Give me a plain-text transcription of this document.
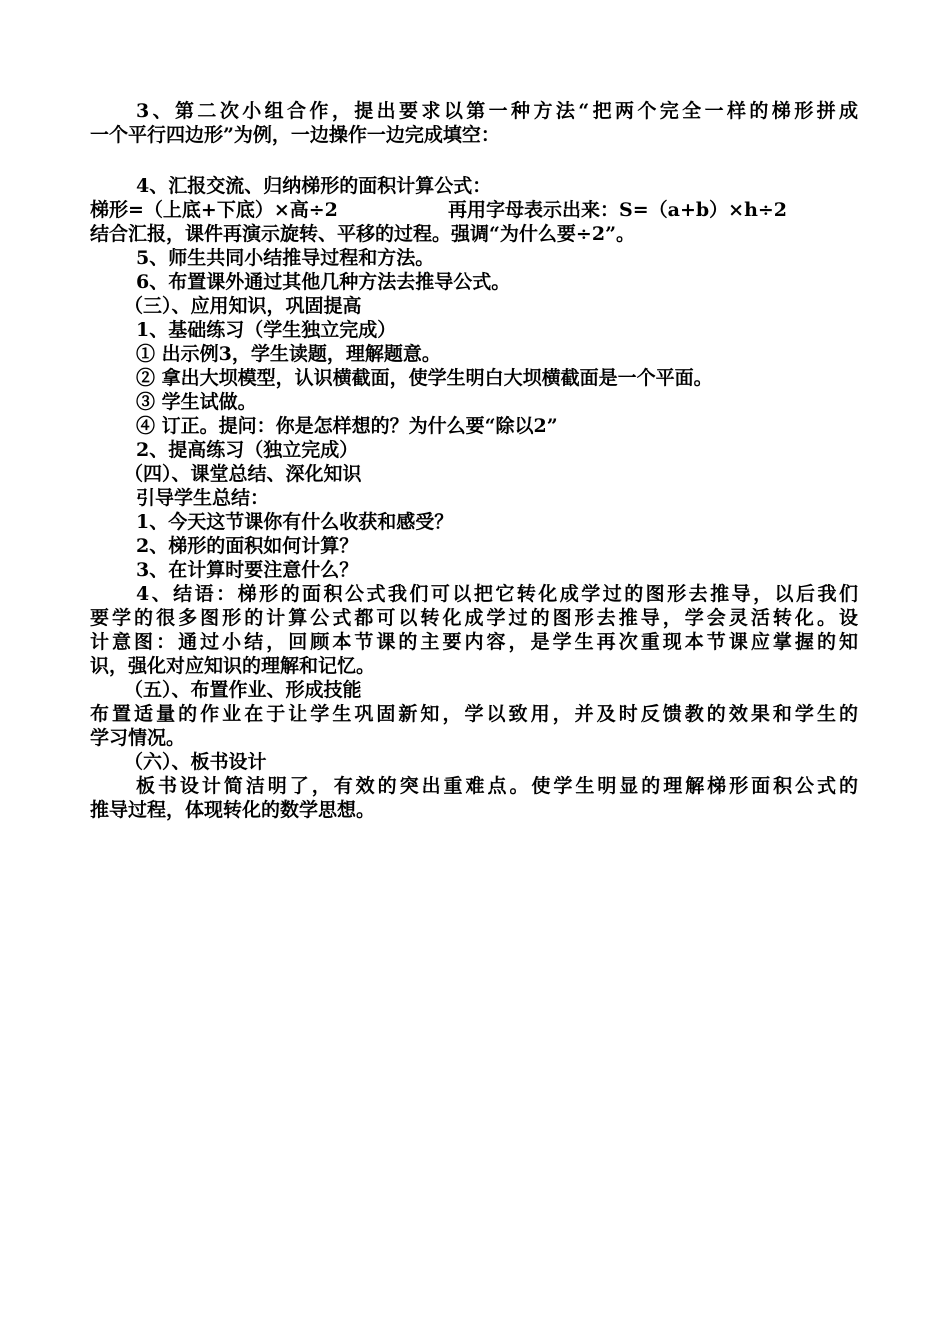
3、第二次小组合作，提出要求以第一种方法“把两个完全一样的梯形拼成
一个平行四边形”为例，一边操作一边完成填空：
4、汇报交流、归纳梯形的面积计算公式：
梯形=（上底+下底）×高÷2	再用字母表示出来：S=（a+b）×h÷2
结合汇报，课件再演示旋转、平移的过程。强调“为什么要÷2”。
5、师生共同小结推导过程和方法。
6、布置课外通过其他几种方法去推导公式。
（三）、应用知识，巩固提高
1、基础练习（学生独立完成）
① 出示例3，学生读题，理解题意。
② 拿出大坝模型，认识横截面，使学生明白大坝横截面是一个平面。
③ 学生试做。
④ 订正。提问：你是怎样想的？为什么要“除以2”
2、提高练习（独立完成）
（四）、课堂总结、深化知识
引导学生总结：
1、今天这节课你有什么收获和感受？
2、梯形的面积如何计算？
3、在计算时要注意什么？
4、结语：梯形的面积公式我们可以把它转化成学过的图形去推导，以后我们
要学的很多图形的计算公式都可以转化成学过的图形去推导，学会灵活转化。设
计意图：通过小结，回顾本节课的主要内容，是学生再次重现本节课应掌握的知
识，强化对应知识的理解和记忆。
（五）、布置作业、形成技能
布置适量的作业在于让学生巩固新知，学以致用，并及时反馈教的效果和学生的
学习情况。
（六）、板书设计
板书设计简洁明了，有效的突出重难点。使学生明显的理解梯形面积公式的
推导过程，体现转化的数学思想。
